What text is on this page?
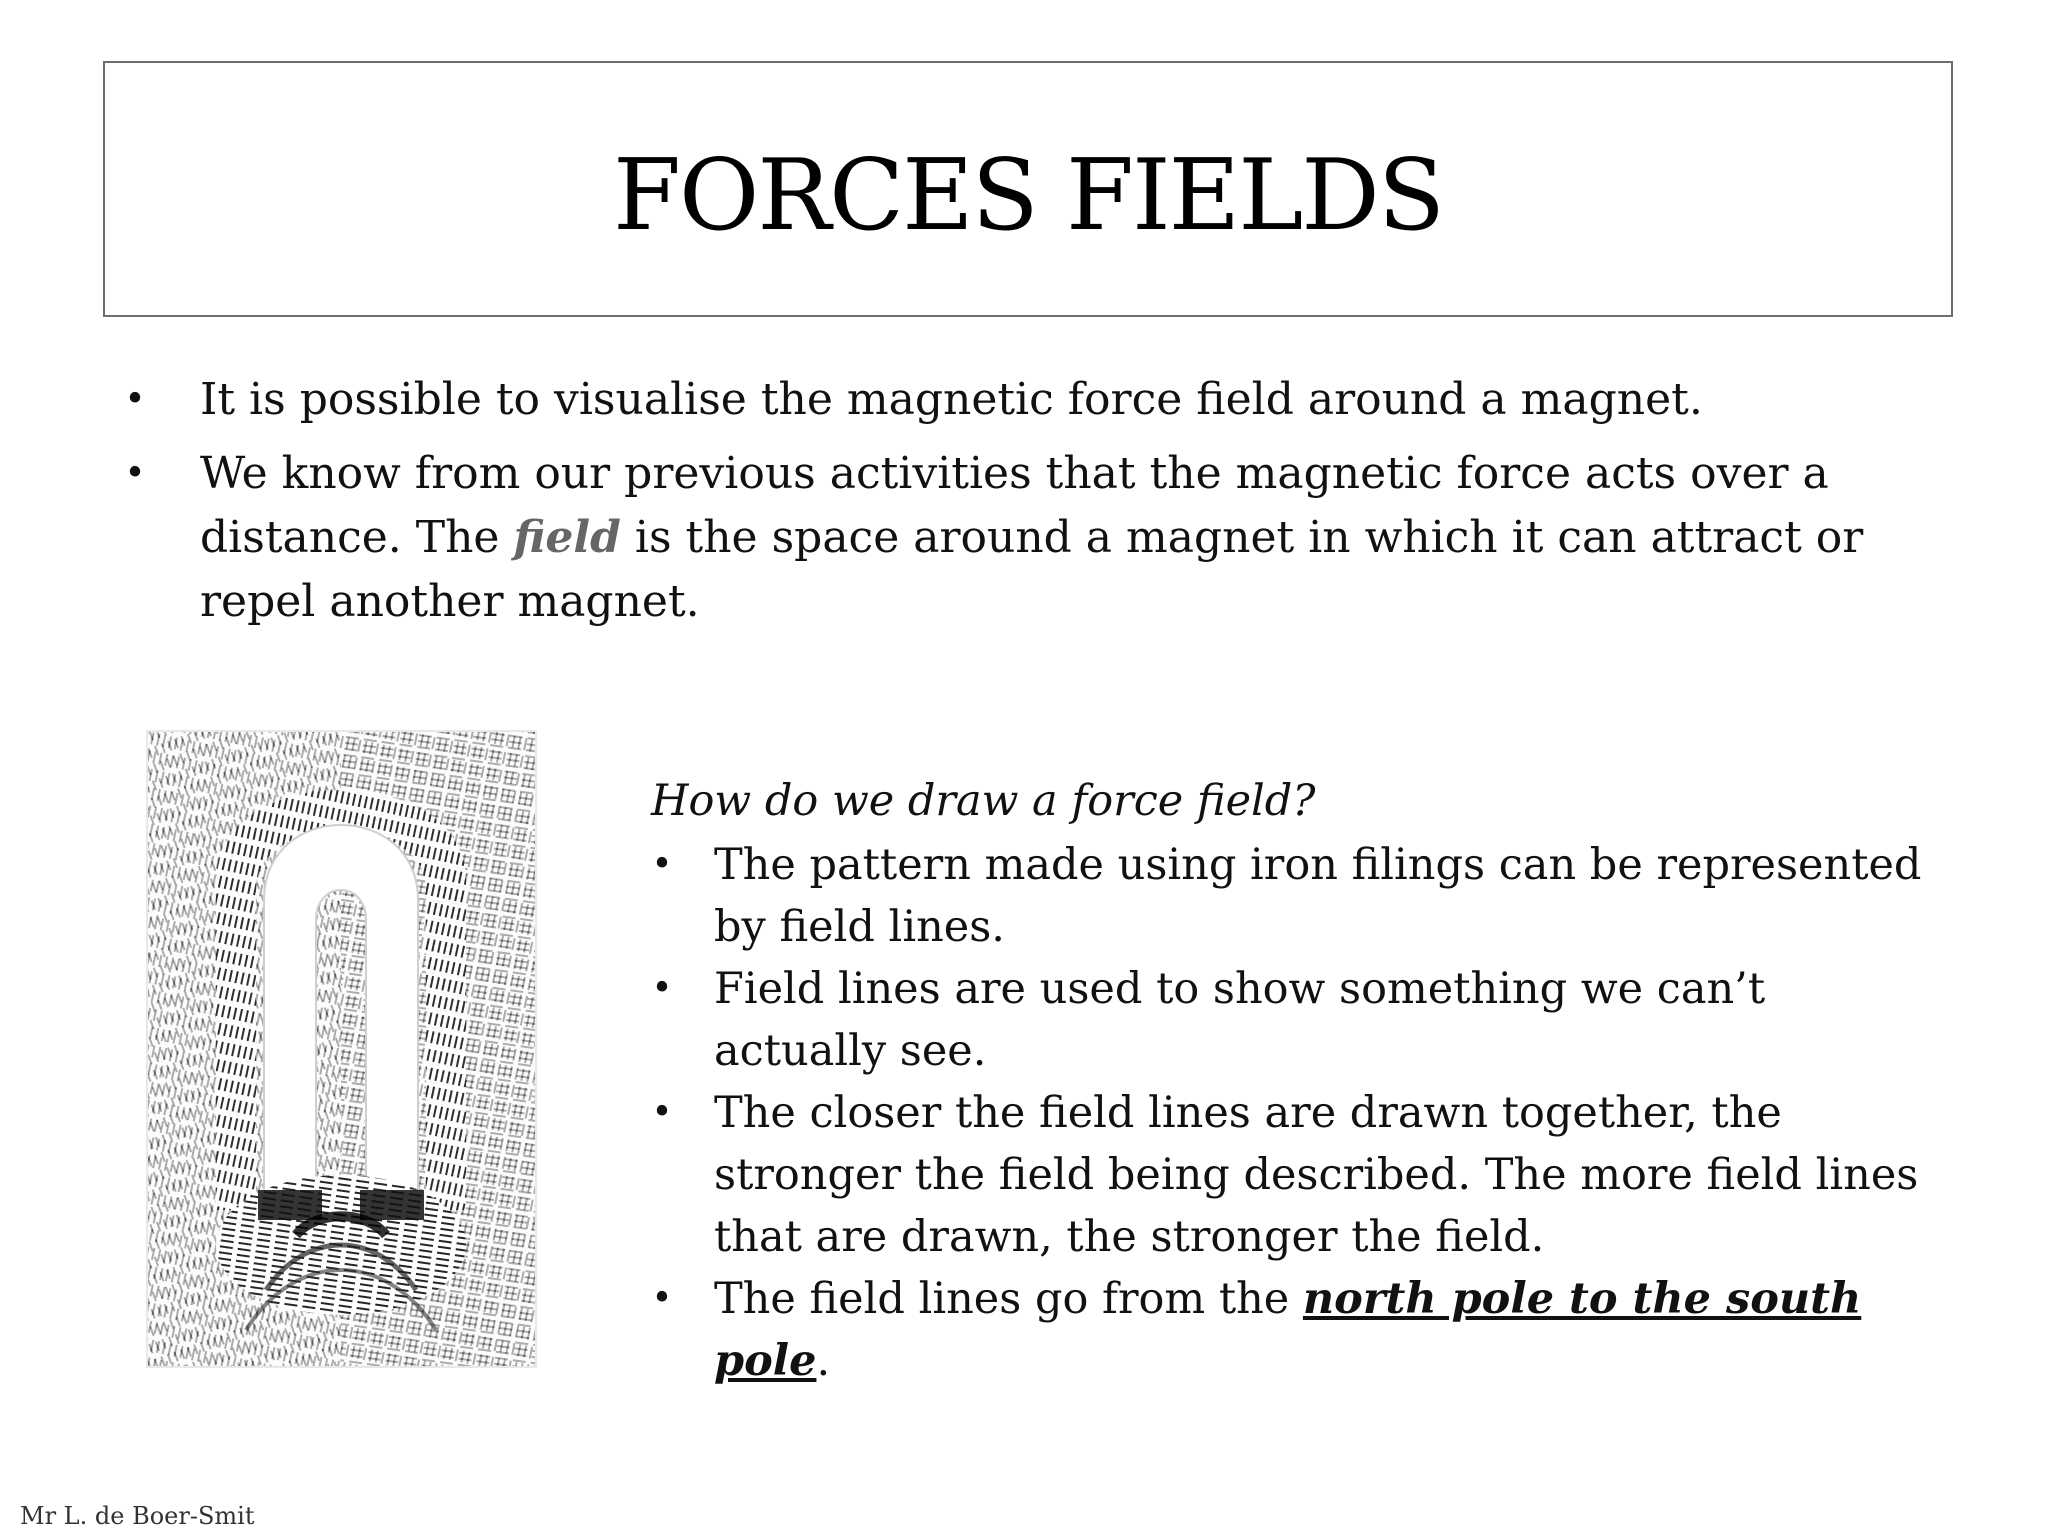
FORCES FIELDS
• It is possible to visualise the magnetic force field around a magnet.
• We know from our previous activities that the magnetic force acts over a distance. The field is the space around a magnet in which it can attract or repel another magnet.

How do we draw a force field?

• The pattern made using iron filings can be represented by field lines.
• Field lines are used to show something we can’t actually see.
• The closer the field lines are drawn together, the stronger the field being described. The more field lines that are drawn, the stronger the field.
• The field lines go from the north pole to the south pole.
Mr L. de Boer-Smit
